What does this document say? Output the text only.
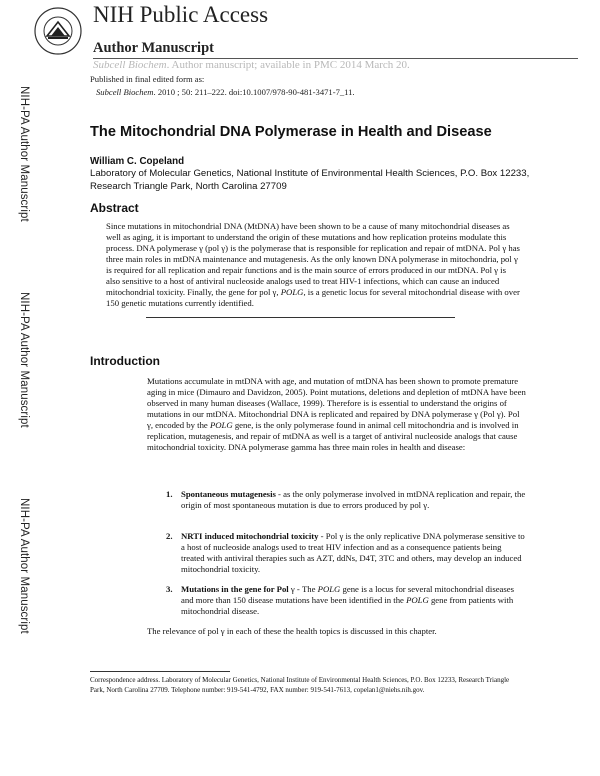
NIH Public Access
Author Manuscript
Subcell Biochem. Author manuscript; available in PMC 2014 March 20.
Published in final edited form as:
Subcell Biochem. 2010 ; 50: 211–222. doi:10.1007/978-90-481-3471-7_11.
NIH-PA Author Manuscript
NIH-PA Author Manuscript
NIH-PA Author Manuscript
The Mitochondrial DNA Polymerase in Health and Disease
William C. Copeland
Laboratory of Molecular Genetics, National Institute of Environmental Health Sciences, P.O. Box 12233, Research Triangle Park, North Carolina 27709
Abstract
Since mutations in mitochondrial DNA (MtDNA) have been shown to be a cause of many mitochondrial diseases as well as aging, it is important to understand the origin of these mutations and how replication proteins modulate this process. DNA polymerase γ (pol γ) is the polymerase that is responsible for replication and repair of mtDNA. Pol γ has three main roles in mtDNA maintenance and mutagenesis. As the only known DNA polymerase in mitochondria, pol γ is required for all replication and repair functions and is the main source of errors produced in our mtDNA. Pol γ is also sensitive to a host of antiviral nucleoside analogs used to treat HIV-1 infections, which can cause an induced mitochondrial toxicity. Finally, the gene for pol γ, POLG, is a genetic locus for several mitochondrial disease with over 150 genetic mutations currently identified.
Introduction
Mutations accumulate in mtDNA with age, and mutation of mtDNA has been shown to promote premature aging in mice (Dimauro and Davidzon, 2005). Point mutations, deletions and depletion of mtDNA have been observed in many human diseases (Wallace, 1999). Therefore is is essential to understand the origins of mutations in our mtDNA. Mitochondrial DNA is replicated and repaired by DNA polymerase γ (Pol γ). Pol γ, encoded by the POLG gene, is the only polymerase found in animal cell mitochondria and is involved in replication, mutagenesis, and repair of mtDNA as well is a target of antiviral nucleoside analogs that cause mitochondrial toxicity. DNA polymerase gamma has three main roles in health and disease:
1. Spontaneous mutagenesis - as the only polymerase involved in mtDNA replication and repair, the origin of most spontaneous mutation is due to errors produced by pol γ.
2. NRTI induced mitochondrial toxicity - Pol γ is the only replicative DNA polymerase sensitive to a host of nucleoside analogs used to treat HIV infection and as a consequence patients being treated with antiviral therapies such as AZT, ddNs, D4T, 3TC and others, may develop an induced mitochondrial toxicity.
3. Mutations in the gene for Pol γ - The POLG gene is a locus for several mitochondrial diseases and more than 150 disease mutations have been identified in the POLG gene from patients with mitochondrial disease.
The relevance of pol γ in each of these the health topics is discussed in this chapter.
Correspondence address. Laboratory of Molecular Genetics, National Institute of Environmental Health Sciences, P.O. Box 12233, Research Triangle Park, North Carolina 27709. Telephone number: 919-541-4792, FAX number: 919-541-7613, copelan1@niehs.nih.gov.
